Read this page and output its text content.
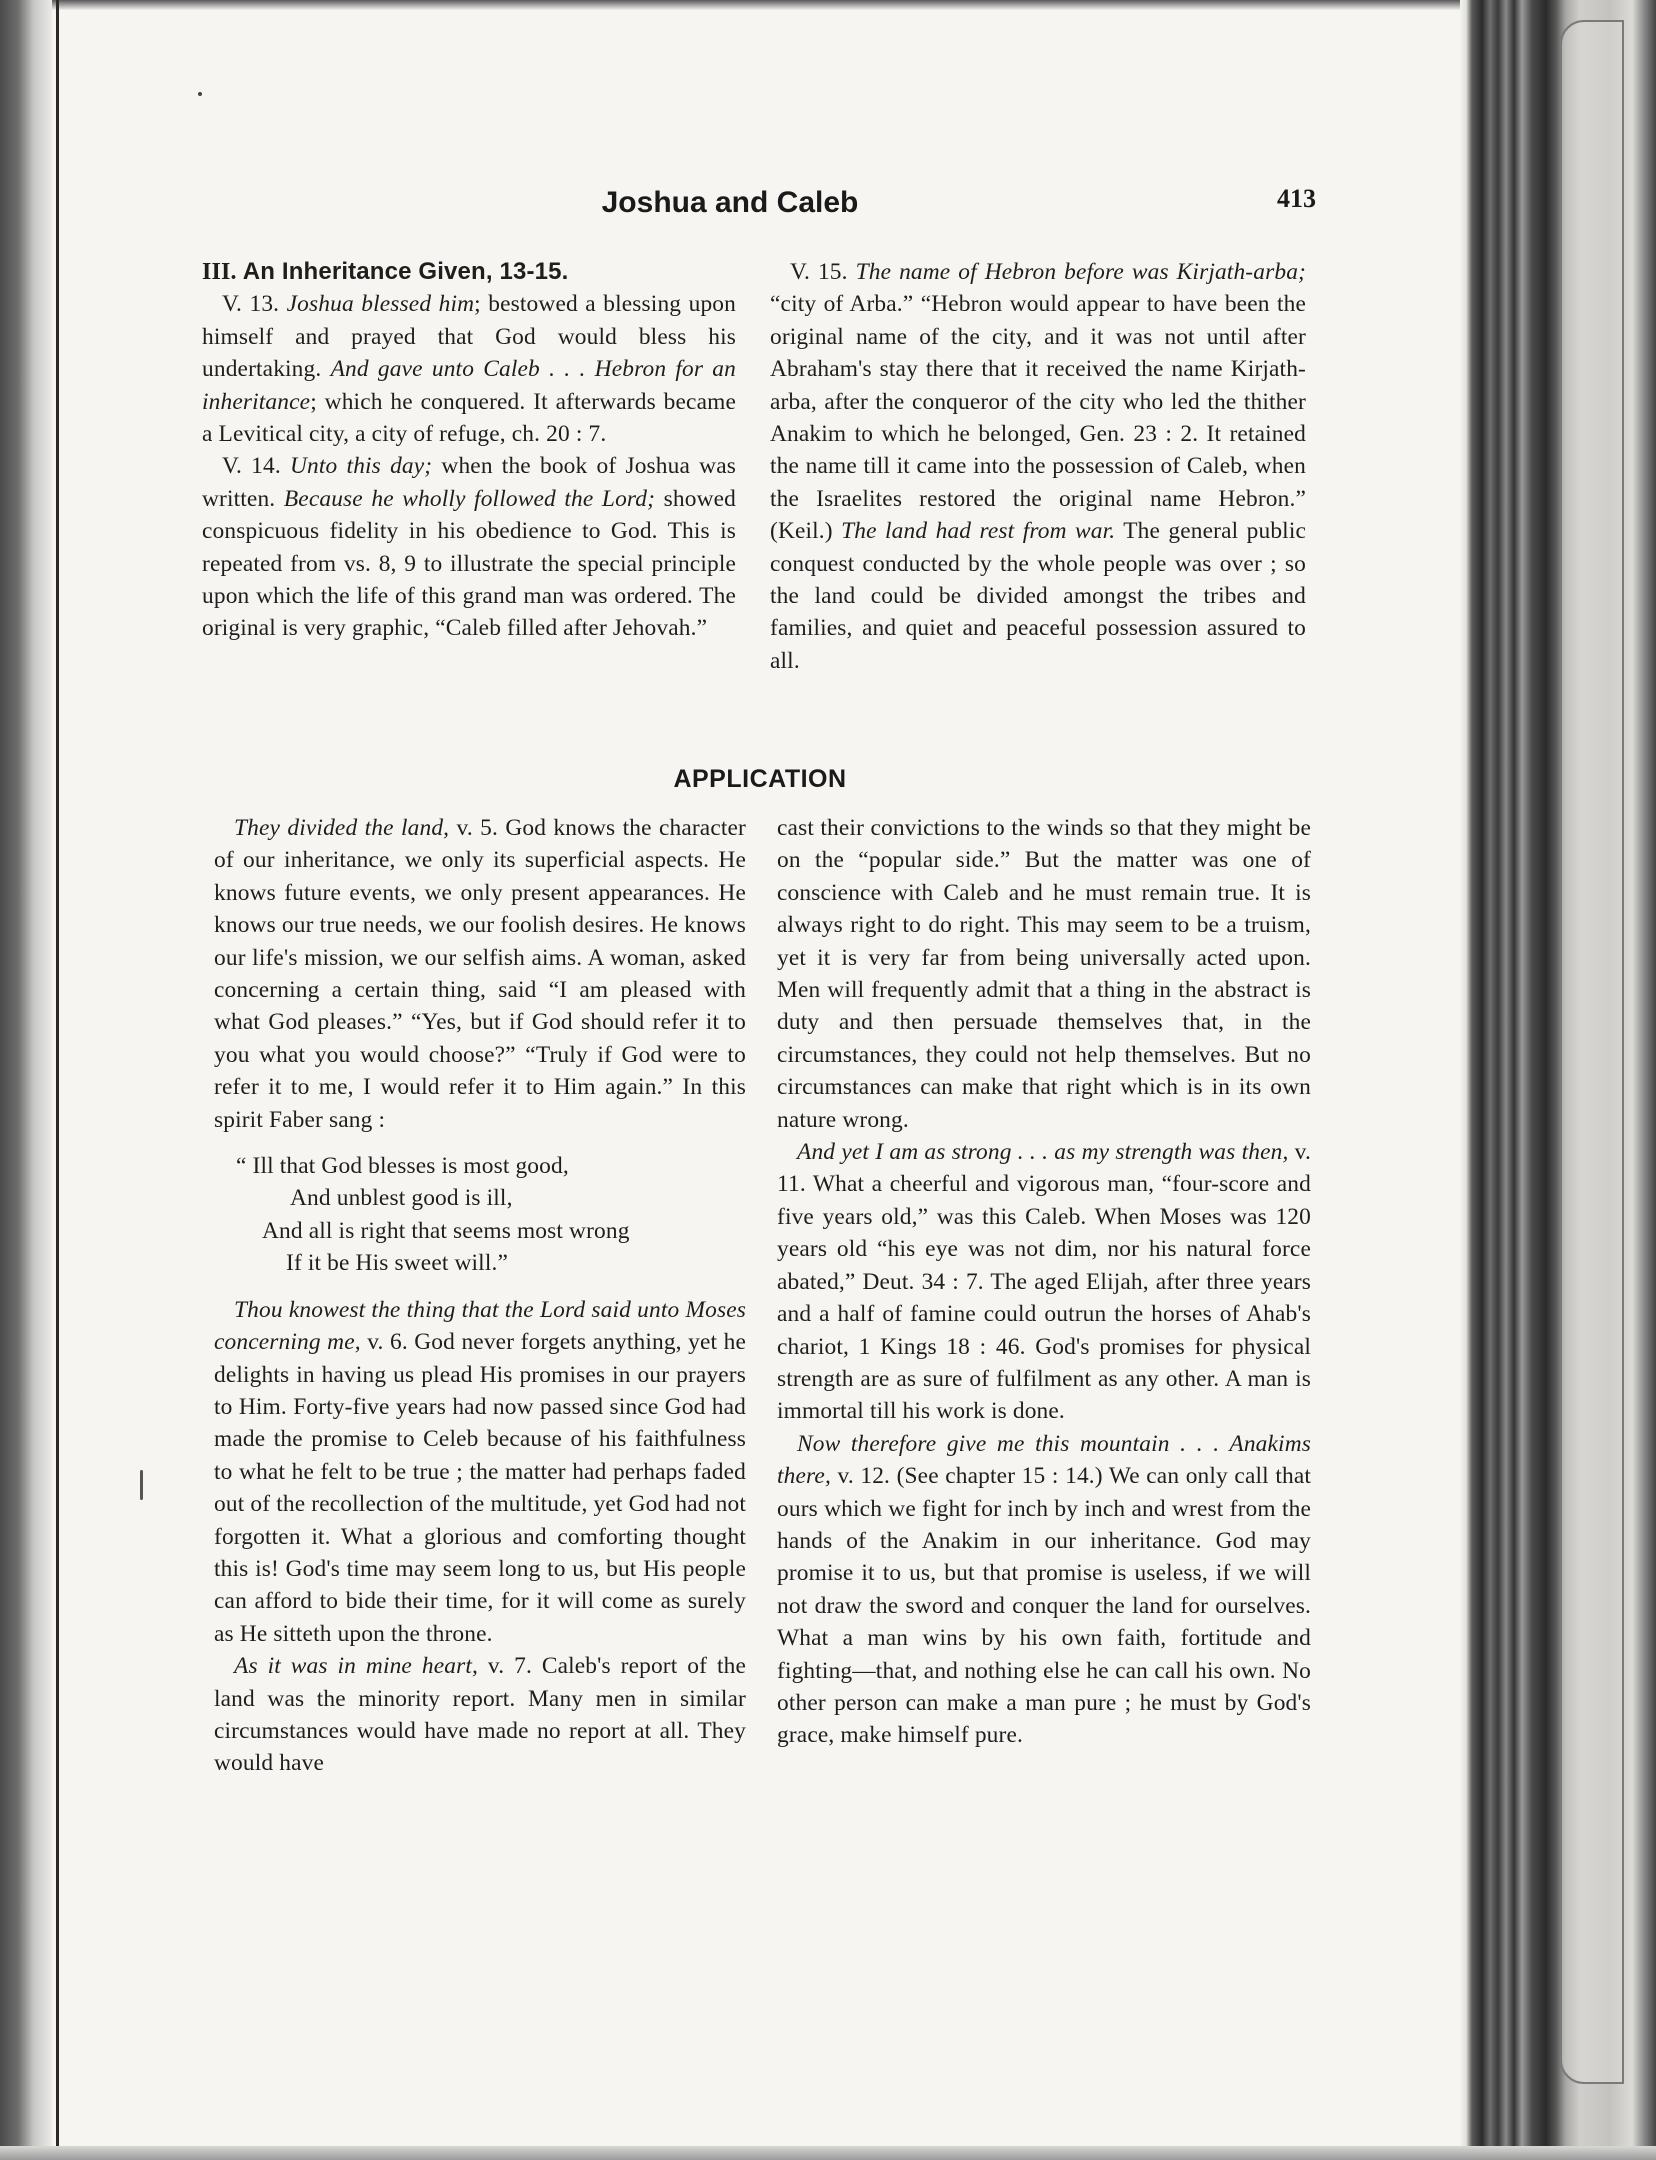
Joshua and Caleb	413

III. An Inheritance Given, 13-15.

V. 13. Joshua blessed him; bestowed a blessing upon himself and prayed that God would bless his undertaking. And gave unto Caleb . . . Hebron for an inheritance; which he conquered. It afterwards became a Levitical city, a city of refuge, ch. 20 : 7.

V. 14. Unto this day; when the book of Joshua was written. Because he wholly followed the Lord; showed conspicuous fidelity in his obedience to God. This is repeated from vs. 8, 9 to illustrate the special principle upon which the life of this grand man was ordered. The original is very graphic, “Caleb filled after Jehovah.”

V. 15. The name of Hebron before was Kirjath-arba; “city of Arba.” “Hebron would appear to have been the original name of the city, and it was not until after Abraham's stay there that it received the name Kirjath-arba, after the conqueror of the city who led the thither Anakim to which he belonged, Gen. 23 : 2. It retained the name till it came into the possession of Caleb, when the Israelites restored the original name Hebron.” (Keil.) The land had rest from war. The general public conquest conducted by the whole people was over ; so the land could be divided amongst the tribes and families, and quiet and peaceful possession assured to all.

APPLICATION

They divided the land, v. 5. God knows the character of our inheritance, we only its superficial aspects. He knows future events, we only present appearances. He knows our true needs, we our foolish desires. He knows our life's mission, we our selfish aims. A woman, asked concerning a certain thing, said “I am pleased with what God pleases.” “Yes, but if God should refer it to you what you would choose?” “Truly if God were to refer it to me, I would refer it to Him again.” In this spirit Faber sang :

“ Ill that God blesses is most good,
And unblest good is ill,
And all is right that seems most wrong
If it be His sweet will.”

Thou knowest the thing that the Lord said unto Moses concerning me, v. 6. God never forgets anything, yet he delights in having us plead His promises in our prayers to Him. Forty-five years had now passed since God had made the promise to Celeb because of his faithfulness to what he felt to be true ; the matter had perhaps faded out of the recollection of the multitude, yet God had not forgotten it. What a glorious and comforting thought this is! God's time may seem long to us, but His people can afford to bide their time, for it will come as surely as He sitteth upon the throne.

As it was in mine heart, v. 7. Caleb's report of the land was the minority report. Many men in similar circumstances would have made no report at all. They would have

cast their convictions to the winds so that they might be on the “popular side.” But the matter was one of conscience with Caleb and he must remain true. It is always right to do right. This may seem to be a truism, yet it is very far from being universally acted upon. Men will frequently admit that a thing in the abstract is duty and then persuade themselves that, in the circumstances, they could not help themselves. But no circumstances can make that right which is in its own nature wrong.

And yet I am as strong . . . as my strength was then, v. 11. What a cheerful and vigorous man, “four-score and five years old,” was this Caleb. When Moses was 120 years old “his eye was not dim, nor his natural force abated,” Deut. 34 : 7. The aged Elijah, after three years and a half of famine could outrun the horses of Ahab's chariot, 1 Kings 18 : 46. God's promises for physical strength are as sure of fulfilment as any other. A man is immortal till his work is done.

Now therefore give me this mountain . . . Anakims there, v. 12. (See chapter 15 : 14.) We can only call that ours which we fight for inch by inch and wrest from the hands of the Anakim in our inheritance. God may promise it to us, but that promise is useless, if we will not draw the sword and conquer the land for ourselves. What a man wins by his own faith, fortitude and fighting—that, and nothing else he can call his own. No other person can make a man pure ; he must by God's grace, make himself pure.
